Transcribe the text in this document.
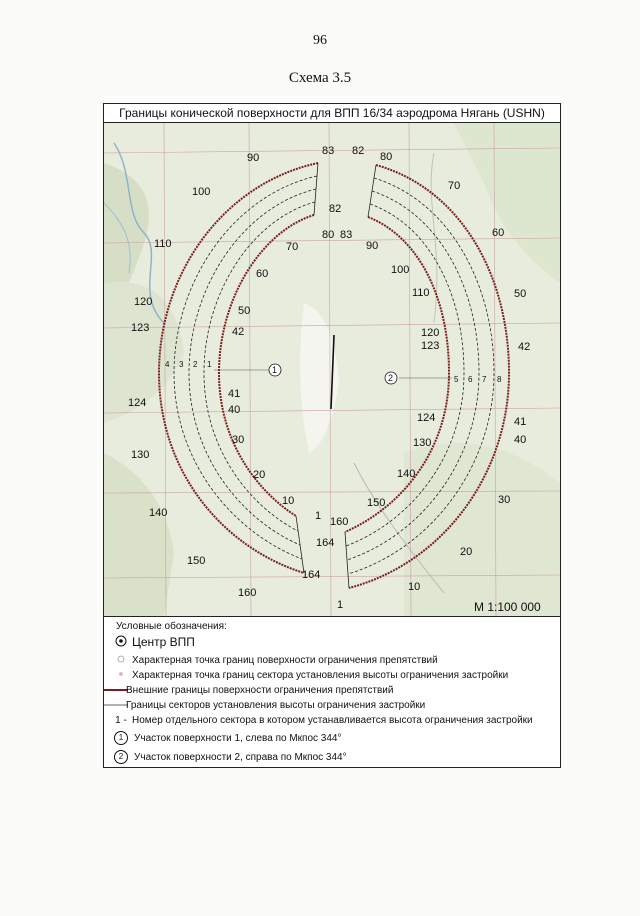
96
Схема 3.5
Границы конической поверхности для ВПП 16/34 аэродрома Нягань (USHN)
90
100
110
120
123
124
130
140
150
160
82
80 83
70
60
50
42
41
40
30
20
10
1
164
164
83 82 80
70
60
50
42
41
40
30
20
10
1
90
100
110
120
123
124
130
140
150
160
4 3 2 1
5 6 7 8
1
2
М 1:100 000
Условные обозначения:
Центр ВПП
Характерная точка границ поверхности ограничения препятствий
Характерная точка границ сектора установления высоты ограничения застройки
Внешние границы поверхности ограничения препятствий
Границы секторов установления высоты ограничения застройки
1 - Номер отдельного сектора в котором устанавливается высота ограничения застройки
1	Участок поверхности 1, слева по Мкпос 344°
2	Участок поверхности 2, справа по Мкпос 344°
